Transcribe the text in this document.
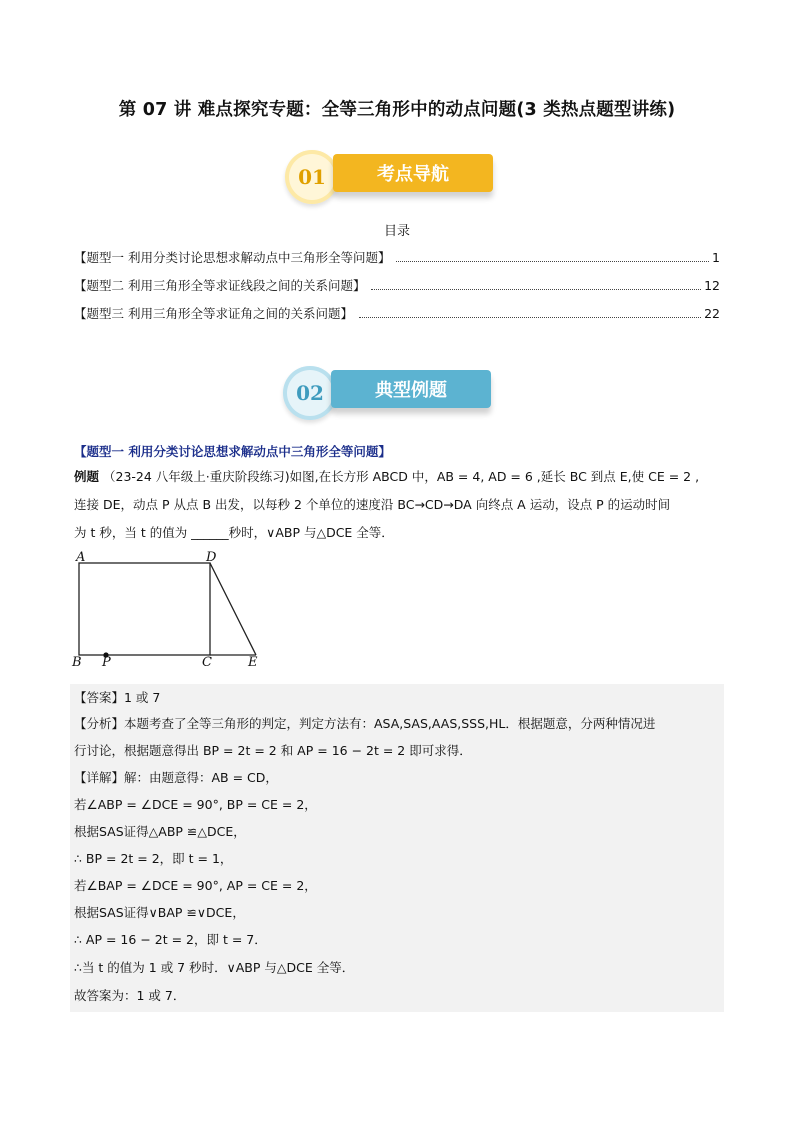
第 07 讲 难点探究专题：全等三角形中的动点问题(3 类热点题型讲练)
01	考点导航
目录
【题型一 利用分类讨论思想求解动点中三角形全等问题】	1
【题型二 利用三角形全等求证线段之间的关系问题】	12
【题型三 利用三角形全等求证角之间的关系问题】	22
02	典型例题
【题型一 利用分类讨论思想求解动点中三角形全等问题】
例题 （23-24 八年级上·重庆阶段练习)如图,在长方形 ABCD 中，AB = 4, AD = 6 ,延长 BC 到点 E,使 CE = 2 ,
连接 DE，动点 P 从点 B 出发，以每秒 2 个单位的速度沿 BC→CD→DA 向终点 A 运动，设点 P 的运动时间
为 t 秒，当 t 的值为 ______秒时，∨ABP 与△DCE 全等．
A	D
B P	C	E
【答案】1 或 7
【分析】本题考查了全等三角形的判定，判定方法有：ASA,SAS,AAS,SSS,HL．根据题意，分两种情况进
行讨论，根据题意得出 BP = 2t = 2 和 AP = 16 − 2t = 2 即可求得．
【详解】解：由题意得：AB = CD，
若∠ABP = ∠DCE = 90°, BP = CE = 2，
根据SAS证得△ABP ≌△DCE，
∴ BP = 2t = 2，即 t = 1，
若∠BAP = ∠DCE = 90°, AP = CE = 2，
根据SAS证得∨BAP ≌∨DCE，
∴ AP = 16 − 2t = 2，即 t = 7．
∴当 t 的值为 1 或 7 秒时．∨ABP 与△DCE 全等．
故答案为：1 或 7．
